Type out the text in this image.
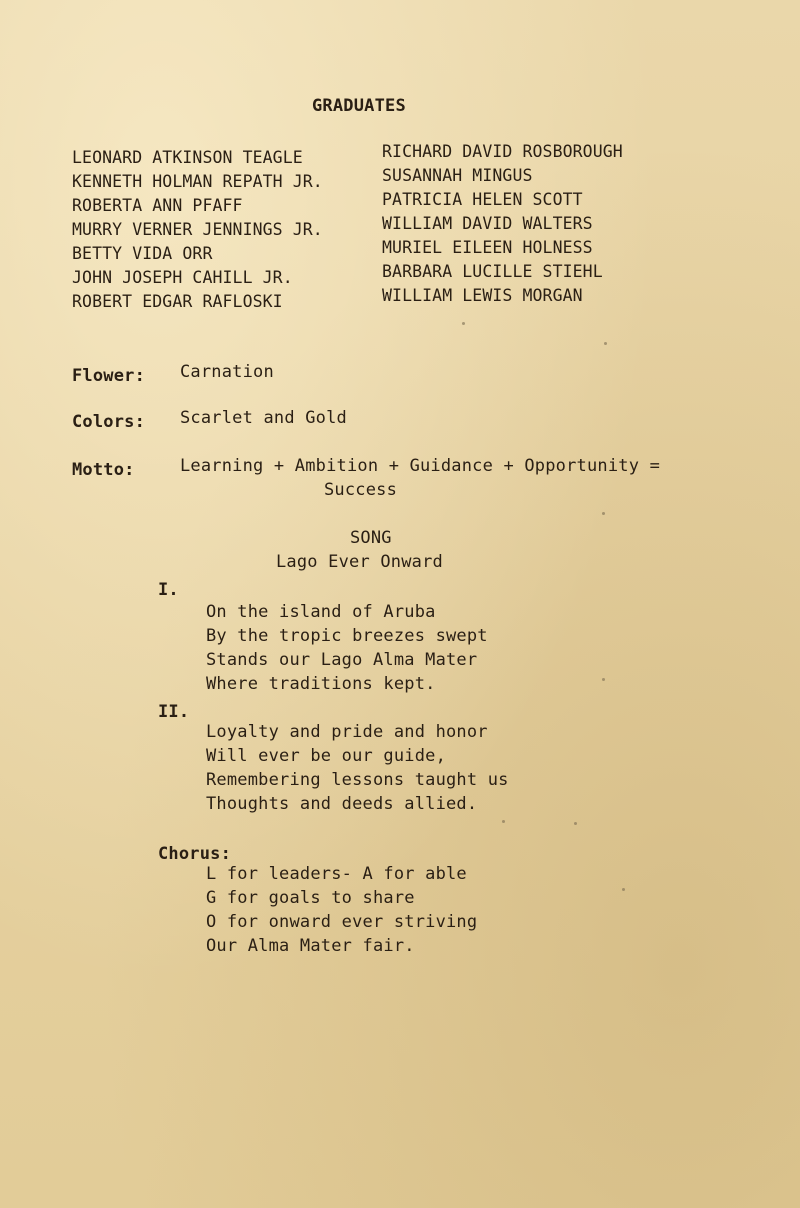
GRADUATES
LEONARD ATKINSON TEAGLE
KENNETH HOLMAN REPATH JR.
ROBERTA ANN PFAFF
MURRY VERNER JENNINGS JR.
BETTY VIDA ORR
JOHN JOSEPH CAHILL JR.
ROBERT EDGAR RAFLOSKI
RICHARD DAVID ROSBOROUGH
SUSANNAH MINGUS
PATRICIA HELEN SCOTT
WILLIAM DAVID WALTERS
MURIEL EILEEN HOLNESS
BARBARA LUCILLE STIEHL
WILLIAM LEWIS MORGAN
Flower: Carnation
Colors: Scarlet and Gold
Motto:	Learning + Ambition + Guidance + Opportunity =
Success
SONG
Lago Ever Onward
I.
On the island of Aruba
By the tropic breezes swept
Stands our Lago Alma Mater
Where traditions kept.
II.
Loyalty and pride and honor
Will ever be our guide,
Remembering lessons taught us
Thoughts and deeds allied.
Chorus:
L for leaders- A for able
G for goals to share
O for onward ever striving
Our Alma Mater fair.
